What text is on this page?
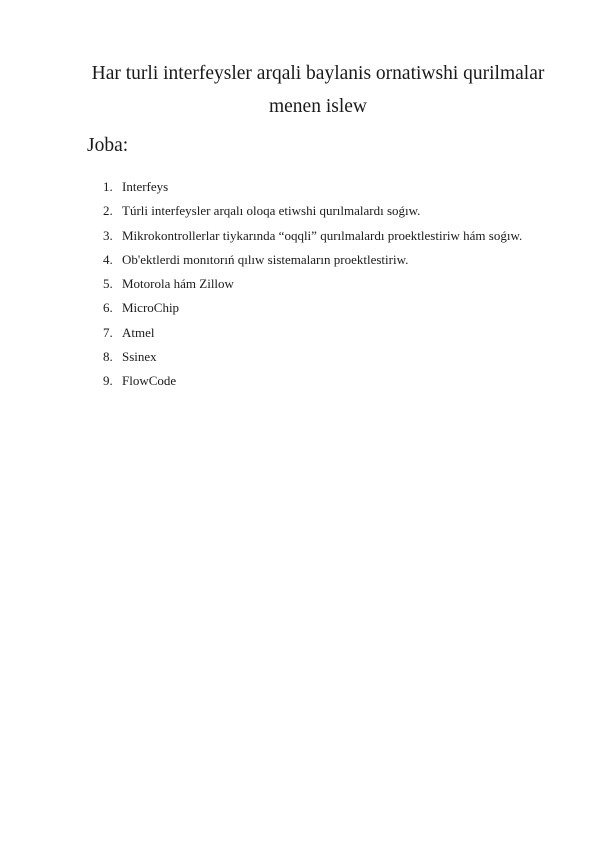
Har turli interfeysler arqali baylanis ornatiwshi qurilmalar menen islew
Joba:
1. Interfeys
2. Túrli interfeysler arqalı oloqa etiwshi qurılmalardı soǵıw.
3. Mikrokontrollerlar tiykarında “oqqli” qurılmalardı proektlestiriw hám soǵıw.
4. Ob'ektlerdi monıtorıń qılıw sistemaların proektlestiriw.
5. Motorola hám Zillow
6. MicroChip
7. Atmel
8. Ssinex
9. FlowCode
